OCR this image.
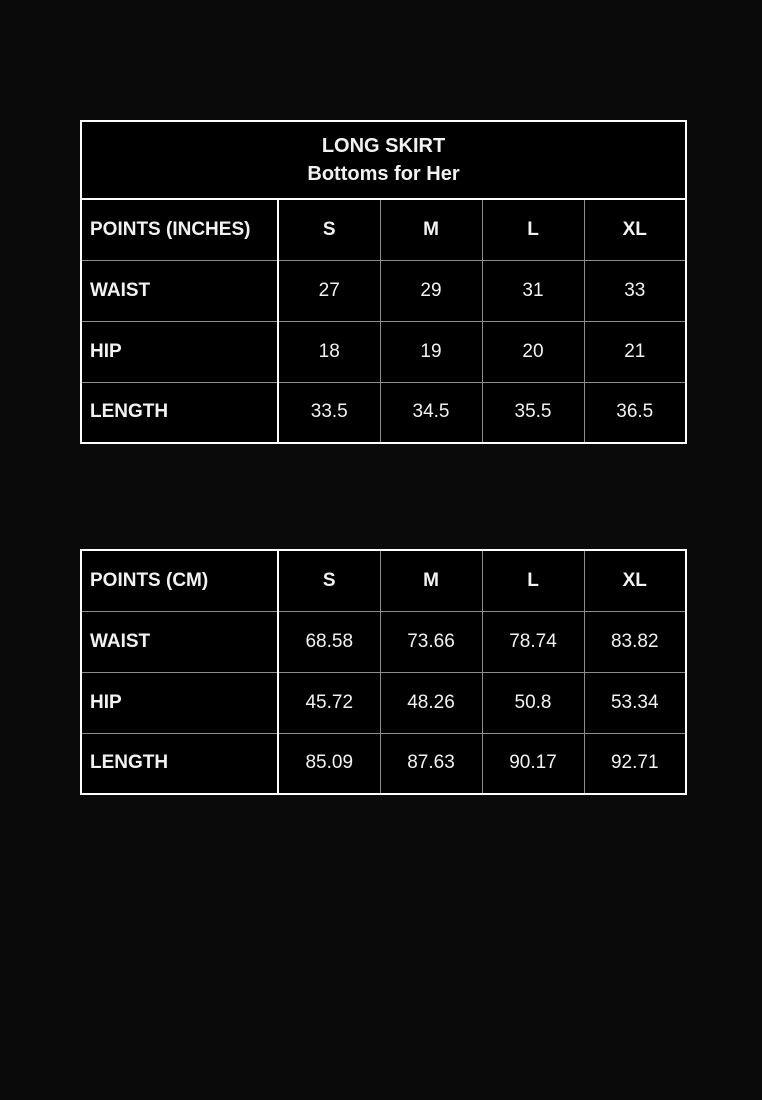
LONG SKIRT
Bottoms for Her				

POINTS (INCHES)	S	M	L	XL
WAIST	27	29	31	33
HIP	18	19	20	21
LENGTH	33.5	34.5	35.5	36.5
POINTS (CM)	S	M	L	XL
WAIST	68.58	73.66	78.74	83.82
HIP	45.72	48.26	50.8	53.34
LENGTH	85.09	87.63	90.17	92.71
